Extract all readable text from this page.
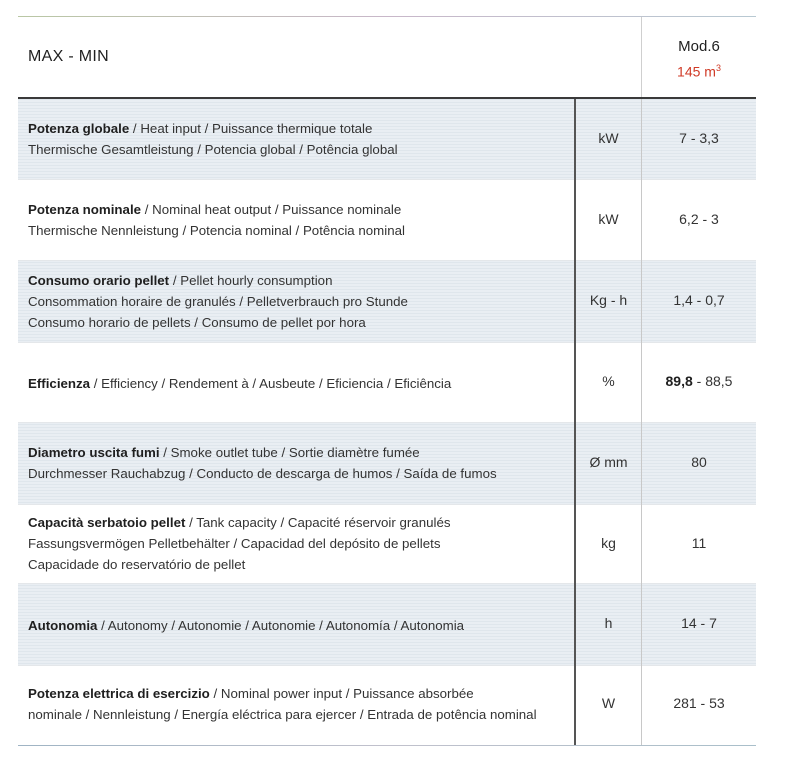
MAX - MIN
Mod.6
145 $m^3$
Potenza globale / Heat input / Puissance thermique totale
Thermische Gesamtleistung / Potencia global / Potência global
kW	7 - 3,3
Potenza nominale / Nominal heat output / Puissance nominale
Thermische Nennleistung / Potencia nominal / Potência nominal
kW	6,2 - 3
Consumo orario pellet / Pellet hourly consumption
Consommation horaire de granulés / Pelletverbrauch pro Stunde
Consumo horario de pellets / Consumo de pellet por hora
Kg - h	1,4 - 0,7
Efficienza / Efficiency / Rendement à / Ausbeute / Eficiencia / Eficiência	%	89,8 - 88,5
Diametro uscita fumi / Smoke outlet tube / Sortie diamètre fumée
Durchmesser Rauchabzug / Conducto de descarga de humos / Saída de fumos
Ø mm	80
Capacità serbatoio pellet / Tank capacity / Capacité réservoir granulés
Fassungsvermögen Pelletbehälter / Capacidad del depósito de pellets
Capacidade do reservatório de pellet
kg	11
Autonomia / Autonomy / Autonomie / Autonomie / Autonomía / Autonomia	h	14 - 7
Potenza elettrica di esercizio / Nominal power input / Puissance absorbée
nominale / Nennleistung / Energía eléctrica para ejercer / Entrada de potência nominal
W	281 - 53
